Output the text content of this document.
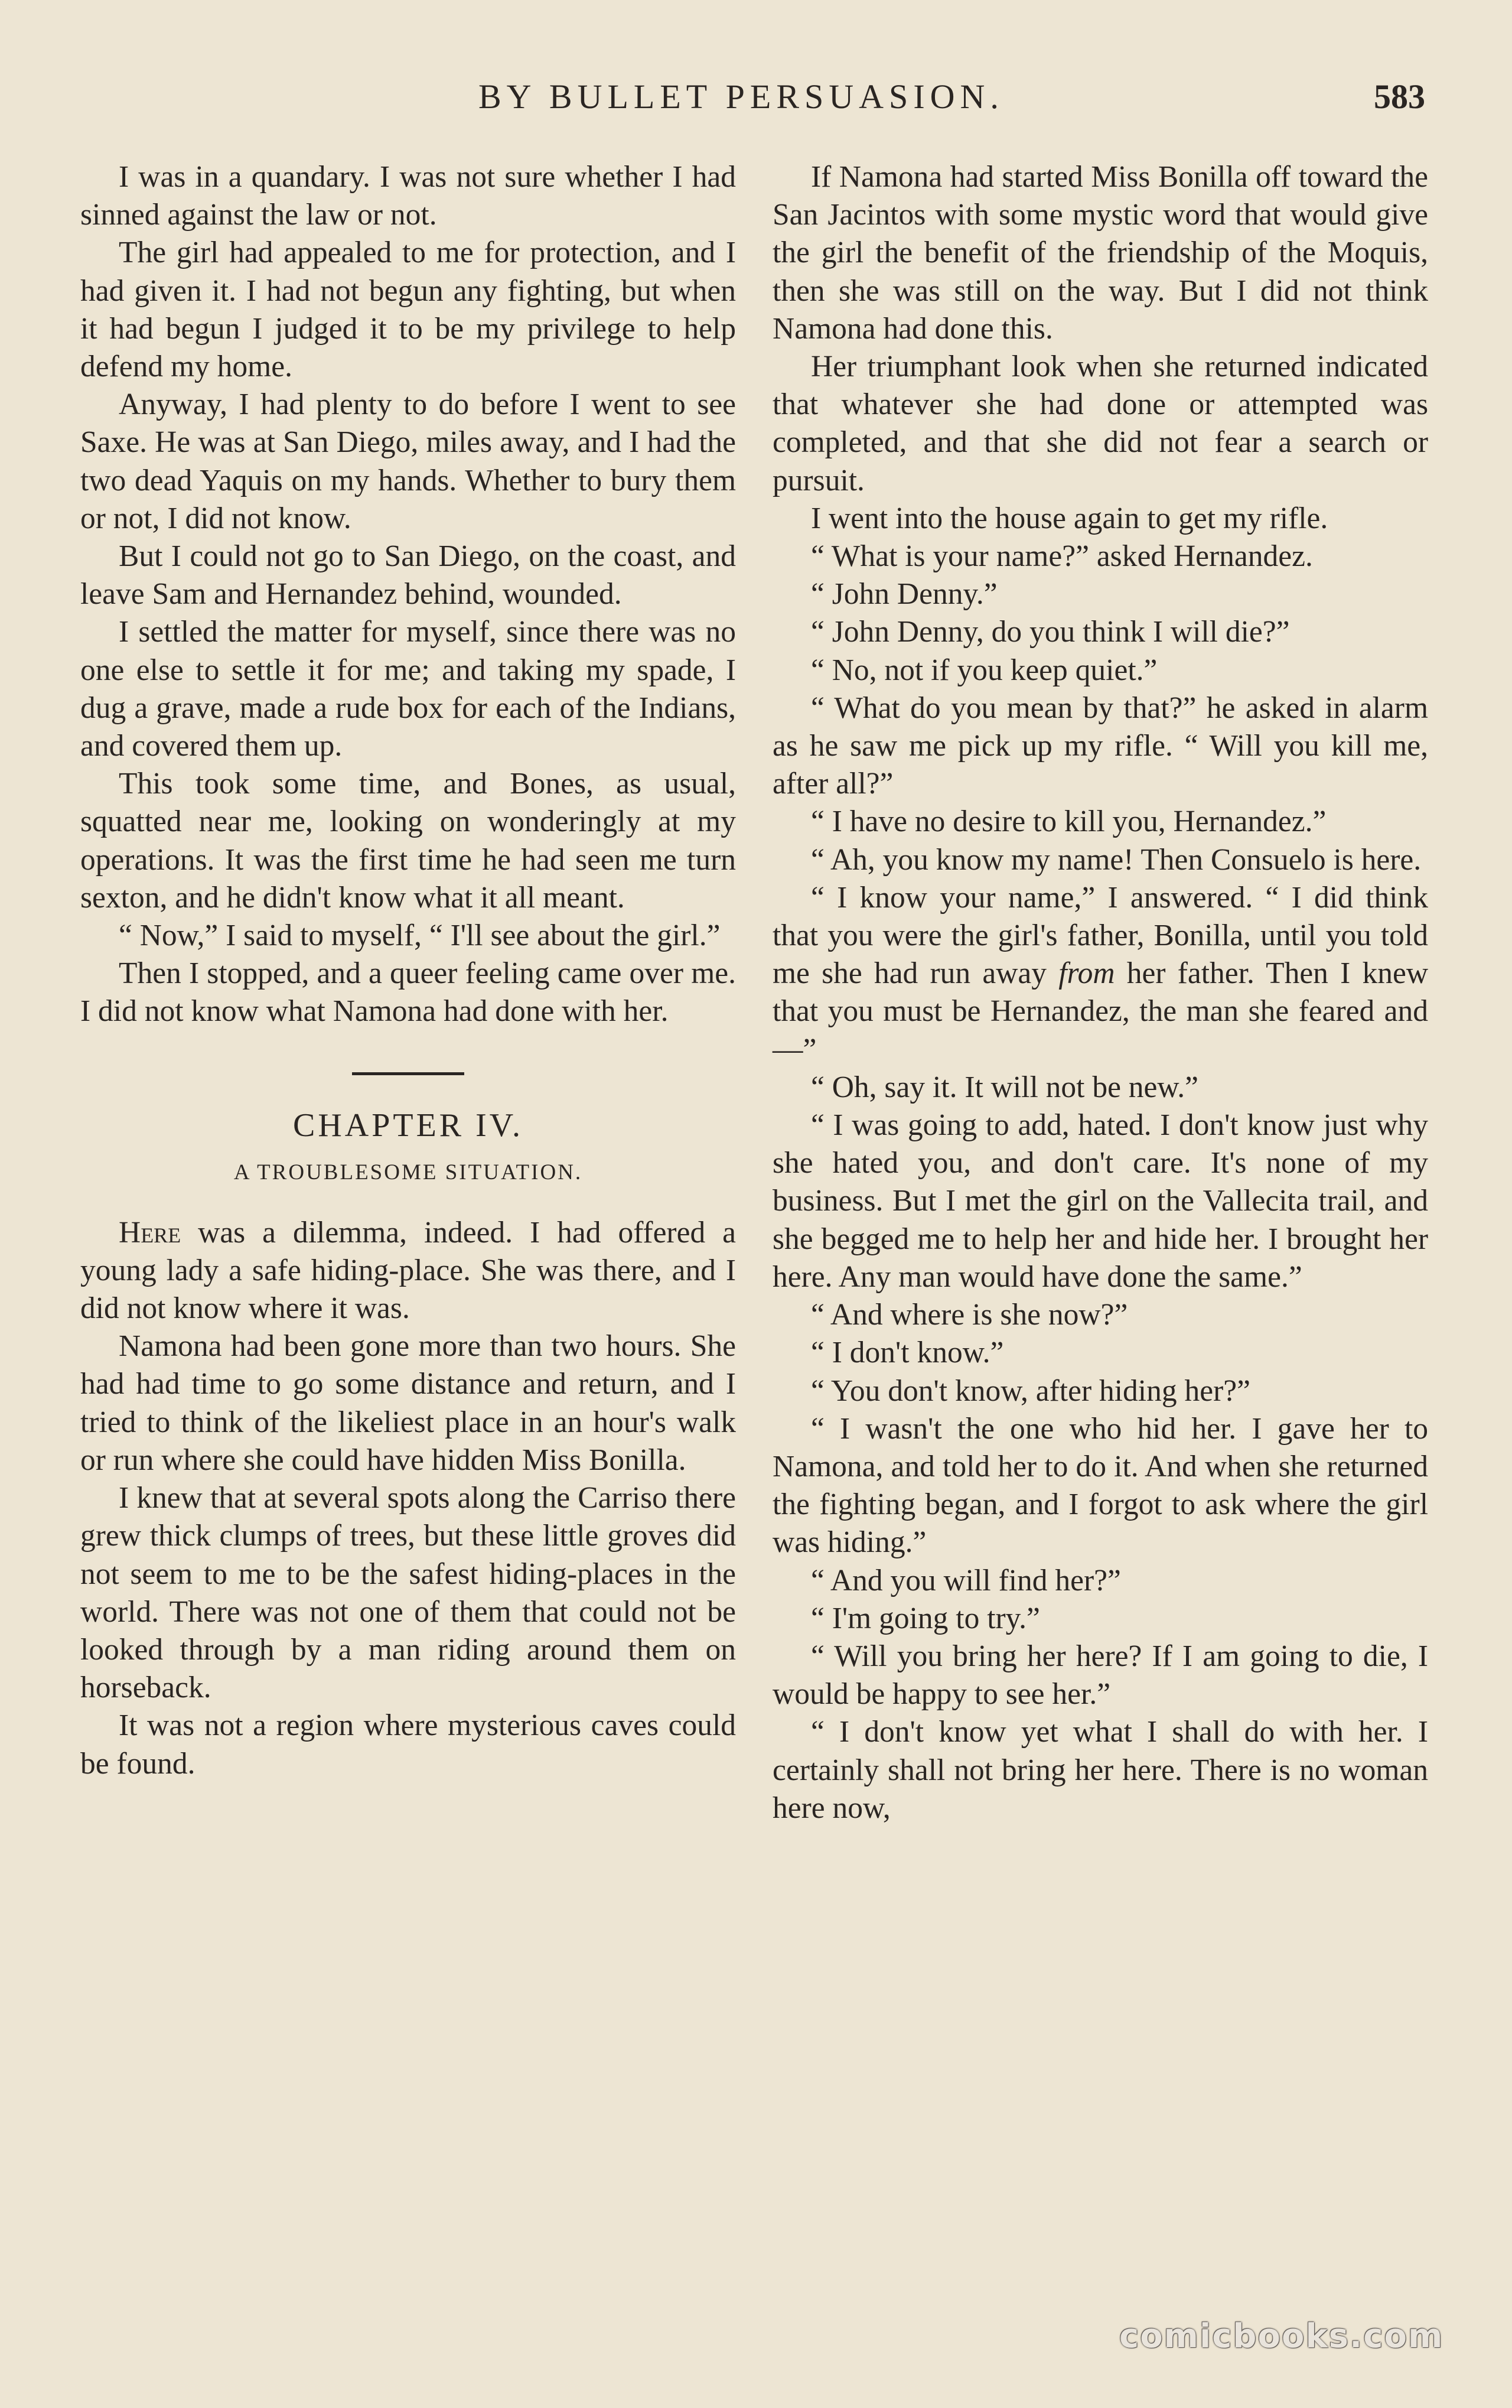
BY BULLET PERSUASION.	583

I was in a quandary. I was not sure whether I had sinned against the law or not.

The girl had appealed to me for protection, and I had given it. I had not begun any fighting, but when it had begun I judged it to be my privilege to help defend my home.

Anyway, I had plenty to do before I went to see Saxe. He was at San Diego, miles away, and I had the two dead Yaquis on my hands. Whether to bury them or not, I did not know.

But I could not go to San Diego, on the coast, and leave Sam and Hernandez behind, wounded.

I settled the matter for myself, since there was no one else to settle it for me; and taking my spade, I dug a grave, made a rude box for each of the Indians, and covered them up.

This took some time, and Bones, as usual, squatted near me, looking on wonderingly at my operations. It was the first time he had seen me turn sexton, and he didn't know what it all meant.

“ Now,” I said to myself, “ I'll see about the girl.”

Then I stopped, and a queer feeling came over me. I did not know what Namona had done with her.

CHAPTER IV.
A TROUBLESOME SITUATION.

Here was a dilemma, indeed. I had offered a young lady a safe hiding-place. She was there, and I did not know where it was.

Namona had been gone more than two hours. She had had time to go some distance and return, and I tried to think of the likeliest place in an hour's walk or run where she could have hidden Miss Bonilla.

I knew that at several spots along the Carriso there grew thick clumps of trees, but these little groves did not seem to me to be the safest hiding-places in the world. There was not one of them that could not be looked through by a man riding around them on horseback.

It was not a region where mysterious caves could be found.

If Namona had started Miss Bonilla off toward the San Jacintos with some mystic word that would give the girl the benefit of the friendship of the Moquis, then she was still on the way. But I did not think Namona had done this.

Her triumphant look when she returned indicated that whatever she had done or attempted was completed, and that she did not fear a search or pursuit.

I went into the house again to get my rifle.

“ What is your name?” asked Hernandez.

“ John Denny.”

“ John Denny, do you think I will die?”

“ No, not if you keep quiet.”

“ What do you mean by that?” he asked in alarm as he saw me pick up my rifle. “ Will you kill me, after all?”

“ I have no desire to kill you, Hernandez.”

“ Ah, you know my name! Then Consuelo is here.

“ I know your name,” I answered. “ I did think that you were the girl's father, Bonilla, until you told me she had run away from her father. Then I knew that you must be Hernandez, the man she feared and—”

“ Oh, say it. It will not be new.”

“ I was going to add, hated. I don't know just why she hated you, and don't care. It's none of my business. But I met the girl on the Vallecita trail, and she begged me to help her and hide her. I brought her here. Any man would have done the same.”

“ And where is she now?”

“ I don't know.”

“ You don't know, after hiding her?”

“ I wasn't the one who hid her. I gave her to Namona, and told her to do it. And when she returned the fighting began, and I forgot to ask where the girl was hiding.”

“ And you will find her?”

“ I'm going to try.”

“ Will you bring her here? If I am going to die, I would be happy to see her.”

“ I don't know yet what I shall do with her. I certainly shall not bring her here. There is no woman here now,

comicbooks.com
